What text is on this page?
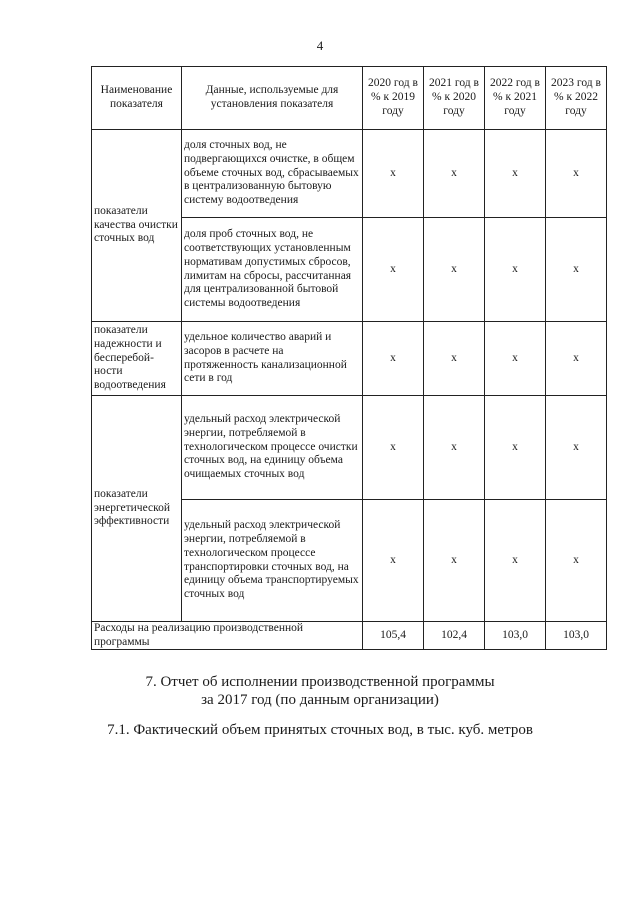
4
Наименование показателя	Данные, используемые для установления показателя	2020 год в % к 2019 году	2021 год в % к 2020 году	2022 год в % к 2021 году	2023 год в % к 2022 году
показатели качества очистки сточных вод	доля сточных вод, не подвергающихся очистке, в общем объеме сточных вод, сбрасываемых в централизованную бытовую систему водоотведения	x	x	x	x
	доля проб сточных вод, не соответствующих установленным нормативам допустимых сбросов, лимитам на сбросы, рассчитанная для централизованной бытовой системы водоотведения	x	x	x	x
показатели надежности и бесперебой-ности водоотведения	удельное количество аварий и засоров в расчете на протяженность канализационной сети в год	x	x	x	x
показатели энергетической эффективности	удельный расход электрической энергии, потребляемой в технологическом процессе очистки сточных вод, на единицу объема очищаемых сточных вод	x	x	x	x
	удельный расход электрической энергии, потребляемой в технологическом процессе транспортировки сточных вод, на единицу объема транспортируемых сточных вод	x	x	x	x
Расходы на реализацию производственной программы		105,4	102,4	103,0	103,0
7. Отчет об исполнении производственной программы
за 2017 год (по данным организации)
7.1. Фактический объем принятых сточных вод, в тыс. куб. метров
